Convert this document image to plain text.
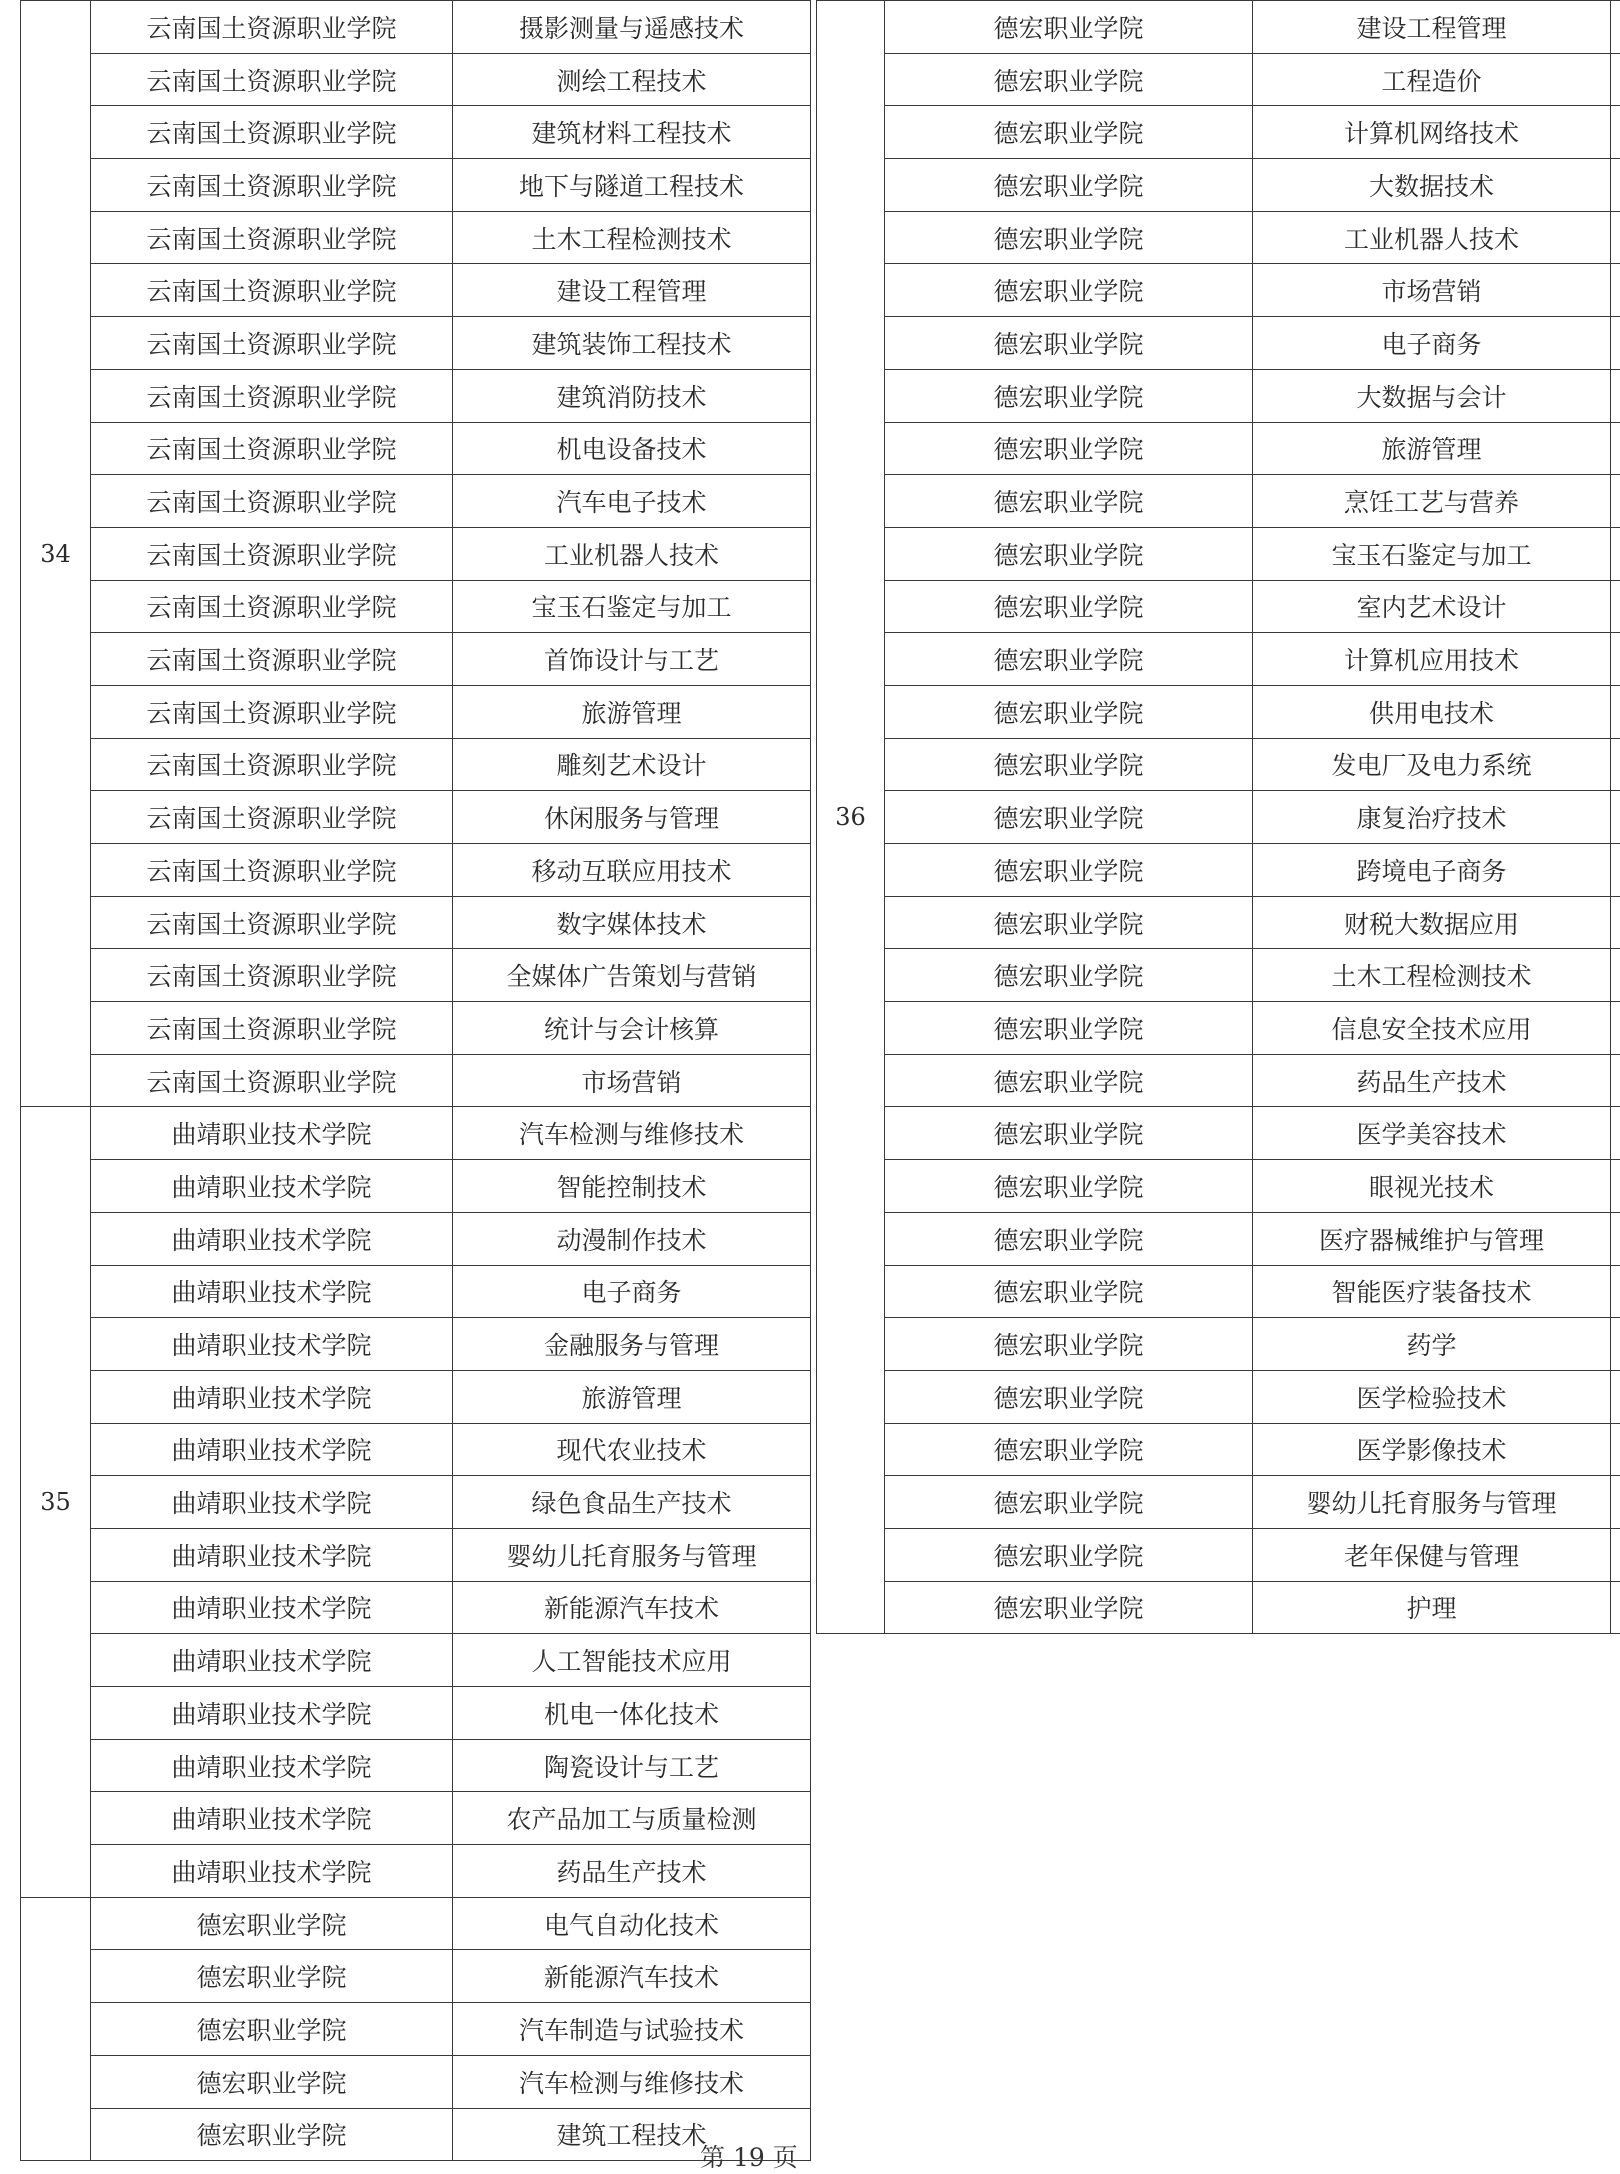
34	云南国土资源职业学院	摄影测量与遥感技术
	云南国土资源职业学院	测绘工程技术
	云南国土资源职业学院	建筑材料工程技术
	云南国土资源职业学院	地下与隧道工程技术
	云南国土资源职业学院	土木工程检测技术
	云南国土资源职业学院	建设工程管理
	云南国土资源职业学院	建筑装饰工程技术
	云南国土资源职业学院	建筑消防技术
	云南国土资源职业学院	机电设备技术
	云南国土资源职业学院	汽车电子技术
	云南国土资源职业学院	工业机器人技术
	云南国土资源职业学院	宝玉石鉴定与加工
	云南国土资源职业学院	首饰设计与工艺
	云南国土资源职业学院	旅游管理
	云南国土资源职业学院	雕刻艺术设计
	云南国土资源职业学院	休闲服务与管理
	云南国土资源职业学院	移动互联应用技术
	云南国土资源职业学院	数字媒体技术
	云南国土资源职业学院	全媒体广告策划与营销
	云南国土资源职业学院	统计与会计核算
	云南国土资源职业学院	市场营销
35	曲靖职业技术学院	汽车检测与维修技术
	曲靖职业技术学院	智能控制技术
	曲靖职业技术学院	动漫制作技术
	曲靖职业技术学院	电子商务
	曲靖职业技术学院	金融服务与管理
	曲靖职业技术学院	旅游管理
	曲靖职业技术学院	现代农业技术
	曲靖职业技术学院	绿色食品生产技术
	曲靖职业技术学院	婴幼儿托育服务与管理
	曲靖职业技术学院	新能源汽车技术
	曲靖职业技术学院	人工智能技术应用
	曲靖职业技术学院	机电一体化技术
	曲靖职业技术学院	陶瓷设计与工艺
	曲靖职业技术学院	农产品加工与质量检测
	曲靖职业技术学院	药品生产技术
	德宏职业学院	电气自动化技术
	德宏职业学院	新能源汽车技术
	德宏职业学院	汽车制造与试验技术
	德宏职业学院	汽车检测与维修技术
	德宏职业学院	建筑工程技术
36	德宏职业学院	建设工程管理	
	德宏职业学院	工程造价	
	德宏职业学院	计算机网络技术	
	德宏职业学院	大数据技术	
	德宏职业学院	工业机器人技术	
	德宏职业学院	市场营销	
	德宏职业学院	电子商务	
	德宏职业学院	大数据与会计	
	德宏职业学院	旅游管理	
	德宏职业学院	烹饪工艺与营养	
	德宏职业学院	宝玉石鉴定与加工	
	德宏职业学院	室内艺术设计	
	德宏职业学院	计算机应用技术	
	德宏职业学院	供用电技术	
	德宏职业学院	发电厂及电力系统	
	德宏职业学院	康复治疗技术	
	德宏职业学院	跨境电子商务	
	德宏职业学院	财税大数据应用	
	德宏职业学院	土木工程检测技术	
	德宏职业学院	信息安全技术应用	
	德宏职业学院	药品生产技术	
	德宏职业学院	医学美容技术	
	德宏职业学院	眼视光技术	
	德宏职业学院	医疗器械维护与管理	
	德宏职业学院	智能医疗装备技术	
	德宏职业学院	药学	
	德宏职业学院	医学检验技术	
	德宏职业学院	医学影像技术	
	德宏职业学院	婴幼儿托育服务与管理	
	德宏职业学院	老年保健与管理	
	德宏职业学院	护理	
第 19 页
